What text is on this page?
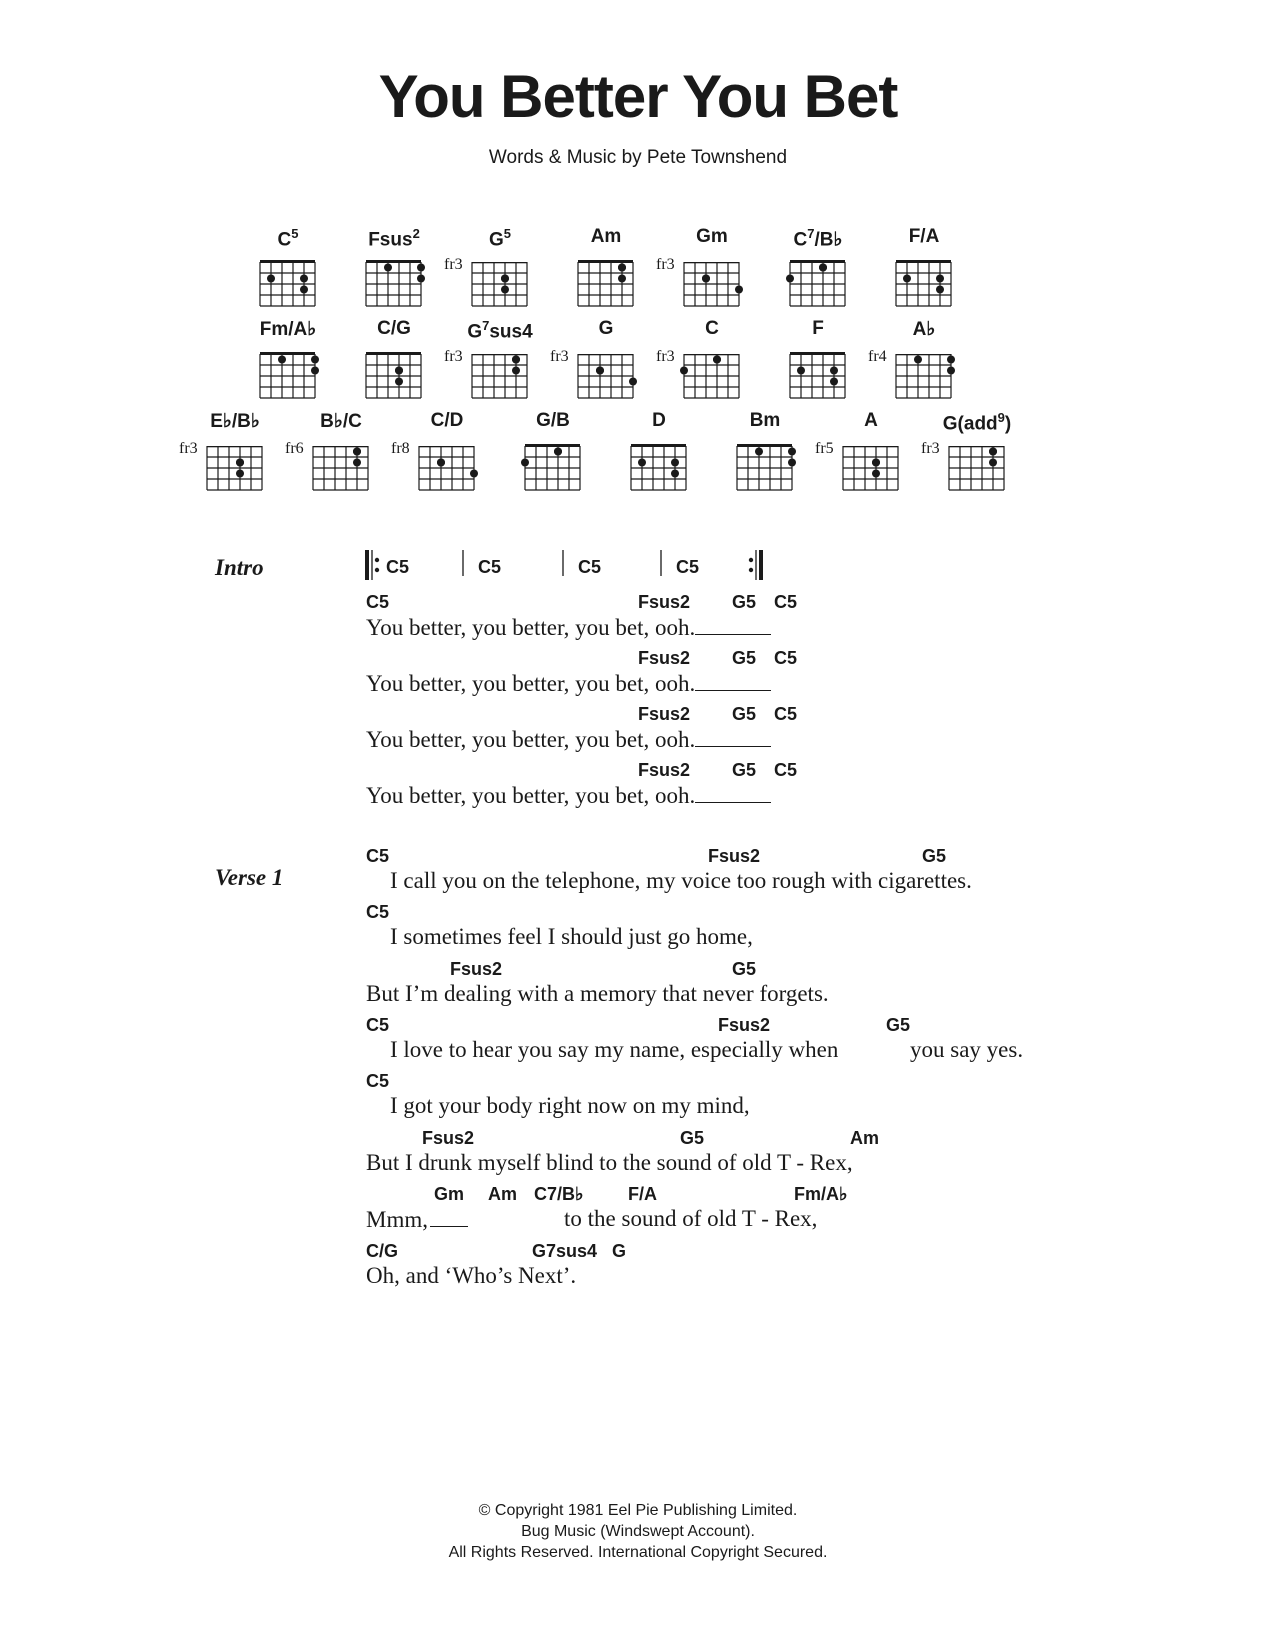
You Better You Bet
Words & Music by Pete Townshend
$C^5$	Fsus$^2$	$G^5$
fr3
Am	Gm
fr3
$C^7/B♭$	F/A
Fm/A♭	C/G	$G^7sus4$
fr3
G
fr3
C
fr3
F	A♭
fr4
E♭/B♭
fr3
B♭/C
fr6
C/D
fr8
G/B	D	Bm	A
fr5
G(add$^9$)
fr3
Intro	C5	C5	C5	C5
C5	Fsus2 G5 C5
You better, you better, you bet, ooh.
Fsus2 G5 C5
You better, you better, you bet, ooh.
Fsus2 G5 C5
You better, you better, you bet, ooh.
Fsus2 G5 C5
You better, you better, you bet, ooh.
Verse 1
C5	Fsus2	G5
I call you on the telephone, my voice too rough with cigarettes.
C5
I sometimes feel I should just go home,
Fsus2	G5
But I’m dealing with a memory that never forgets.
C5	Fsus2	G5
I love to hear you say my name, especially when	you say yes.
C5
I got your body right now on my mind,
Fsus2	G5	Am
But I drunk myself blind to the sound of old T - Rex,
Gm Am C7/B♭ F/A	Fm/A♭
Mmm,	to the sound of old T - Rex,
C/G	G7sus4 G
Oh, and ‘Who’s Next’.
© Copyright 1981 Eel Pie Publishing Limited.
Bug Music (Windswept Account).
All Rights Reserved. International Copyright Secured.
